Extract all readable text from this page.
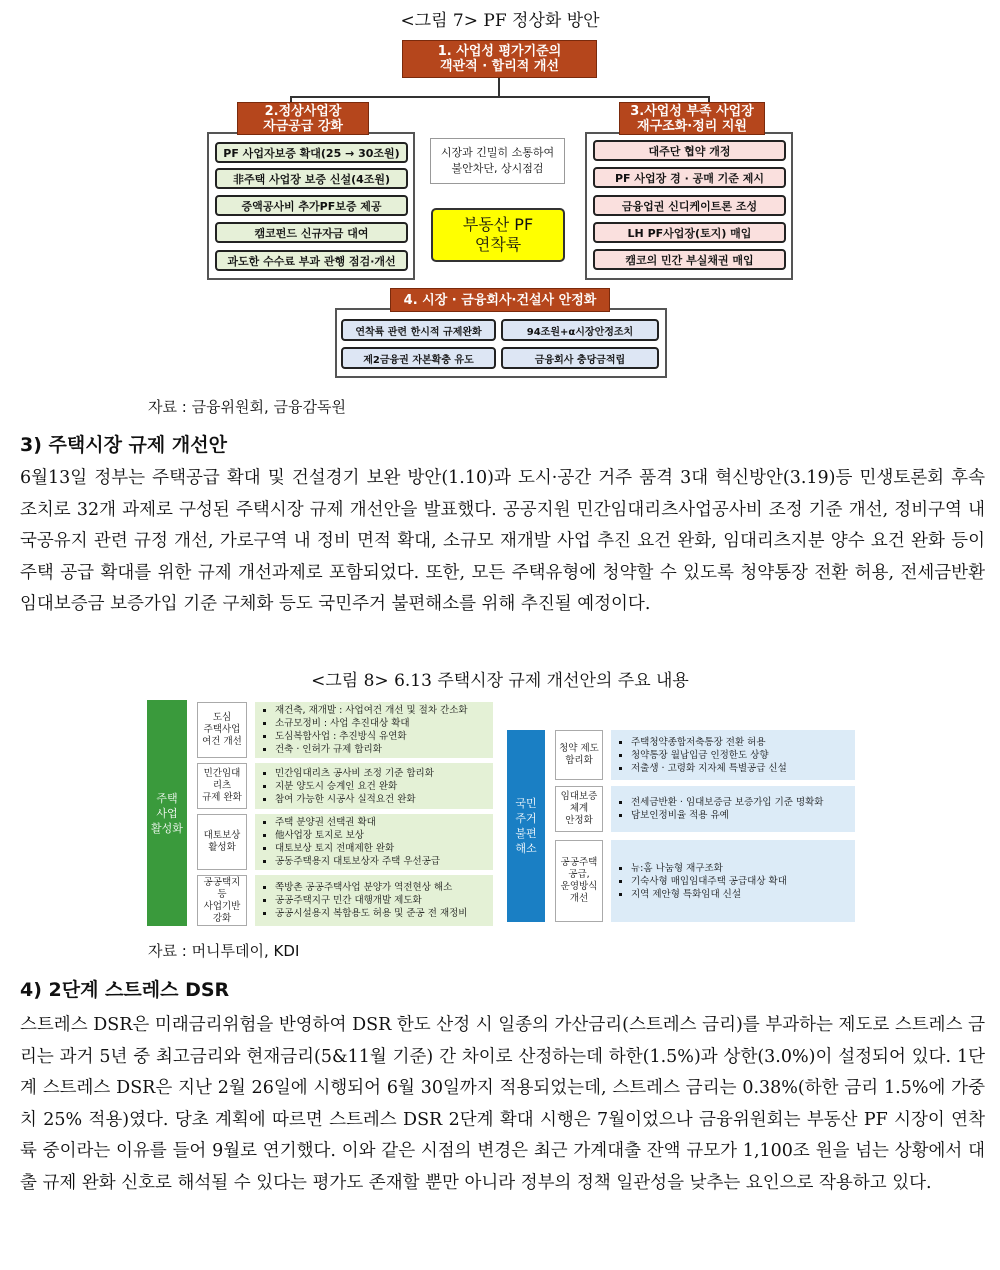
<그림 7> PF 정상화 방안
1. 사업성 평가기준의
객관적 · 합리적 개선
2.정상사업장
자금공급 강화
PF 사업자보증 확대(25 → 30조원)
非주택 사업장 보증 신설(4조원)
증액공사비 추가PF보증 제공
캠코펀드 신규자금 대여
과도한 수수료 부과 관행 점검·개선
시장과 긴밀히 소통하여
불안차단, 상시점검
부동산 PF
연착륙
3.사업성 부족 사업장
재구조화·정리 지원
대주단 협약 개정
PF 사업장 경 · 공매 기준 제시
금융업권 신디케이트론 조성
LH PF사업장(토지) 매입
캠코의 민간 부실채권 매입
4. 시장 · 금융회사·건설사 안정화
연착륙 관련 한시적 규제완화	94조원+α시장안정조치
제2금융권 자본확충 유도	금융회사 충당금적립
자료 : 금융위원회, 금융감독원
3) 주택시장 규제 개선안

6월13일 정부는 주택공급 확대 및 건설경기 보완 방안(1.10)과 도시·공간 거주 품격 3대 혁신방안(3.19)등 민생토론회 후속 조치로 32개 과제로 구성된 주택시장 규제 개선안을 발표했다. 공공지원 민간임대리츠사업공사비 조정 기준 개선, 정비구역 내 국공유지 관련 규정 개선, 가로구역 내 정비 면적 확대, 소규모 재개발 사업 추진 요건 완화, 임대리츠지분 양수 요건 완화 등이 주택 공급 확대를 위한 규제 개선과제로 포함되었다. 또한, 모든 주택유형에 청약할 수 있도록 청약통장 전환 허용, 전세금반환 임대보증금 보증가입 기준 구체화 등도 국민주거 불편해소를 위해 추진될 예정이다.

<그림 8> 6.13 주택시장 규제 개선안의 주요 내용
주택
사업
활성화
도심
주택사업
여건 개선
▪ 재건축, 재개발 : 사업여건 개선 및 절차 간소화
▪ 소규모정비 : 사업 추진대상 확대
▪ 도심복합사업 : 추진방식 유연화
▪ 건축 · 인허가 규제 합리화
민간임대
리츠
규제 완화
▪ 민간임대리츠 공사비 조정 기준 합리화
▪ 지분 양도시 승계인 요건 완화
▪ 참여 가능한 시공사 실적요건 완화
대토보상
활성화
▪ 주택 분양권 선택권 확대
▪ 他사업장 토지로 보상
▪ 대토보상 토지 전매제한 완화
▪ 공동주택용지 대토보상자 주택 우선공급
공공택지
등
사업기반
강화
▪ 쪽방촌 공공주택사업 분양가 역전현상 해소
▪ 공공주택지구 민간 대행개발 제도화
▪ 공공시설용지 복합용도 허용 및 준공 전 재정비
국민
주거
불편
해소
청약 제도
합리화
▪ 주택청약종합저축통장 전환 허용
▪ 청약통장 월납입금 인정한도 상향
▪ 저출생 · 고령화 지자체 특별공급 신설
임대보증
체계
안정화
▪ 전세금반환 · 임대보증금 보증가입 기준 명확화
▪ 담보인정비율 적용 유예
공공주택
공급,
운영방식
개선
▪ 뉴:홈 나눔형 재구조화
▪ 기숙사형 매입임대주택 공급대상 확대
▪ 지역 제안형 특화임대 신설
자료 : 머니투데이, KDI
4) 2단계 스트레스 DSR

스트레스 DSR은 미래금리위험을 반영하여 DSR 한도 산정 시 일종의 가산금리(스트레스 금리)를 부과하는 제도로 스트레스 금리는 과거 5년 중 최고금리와 현재금리(5&11월 기준) 간 차이로 산정하는데 하한(1.5%)과 상한(3.0%)이 설정되어 있다. 1단계 스트레스 DSR은 지난 2월 26일에 시행되어 6월 30일까지 적용되었는데, 스트레스 금리는 0.38%(하한 금리 1.5%에 가중치 25% 적용)였다. 당초 계획에 따르면 스트레스 DSR 2단계 확대 시행은 7월이었으나 금융위원회는 부동산 PF 시장이 연착륙 중이라는 이유를 들어 9월로 연기했다. 이와 같은 시점의 변경은 최근 가계대출 잔액 규모가 1,100조 원을 넘는 상황에서 대출 규제 완화 신호로 해석될 수 있다는 평가도 존재할 뿐만 아니라 정부의 정책 일관성을 낮추는 요인으로 작용하고 있다.
